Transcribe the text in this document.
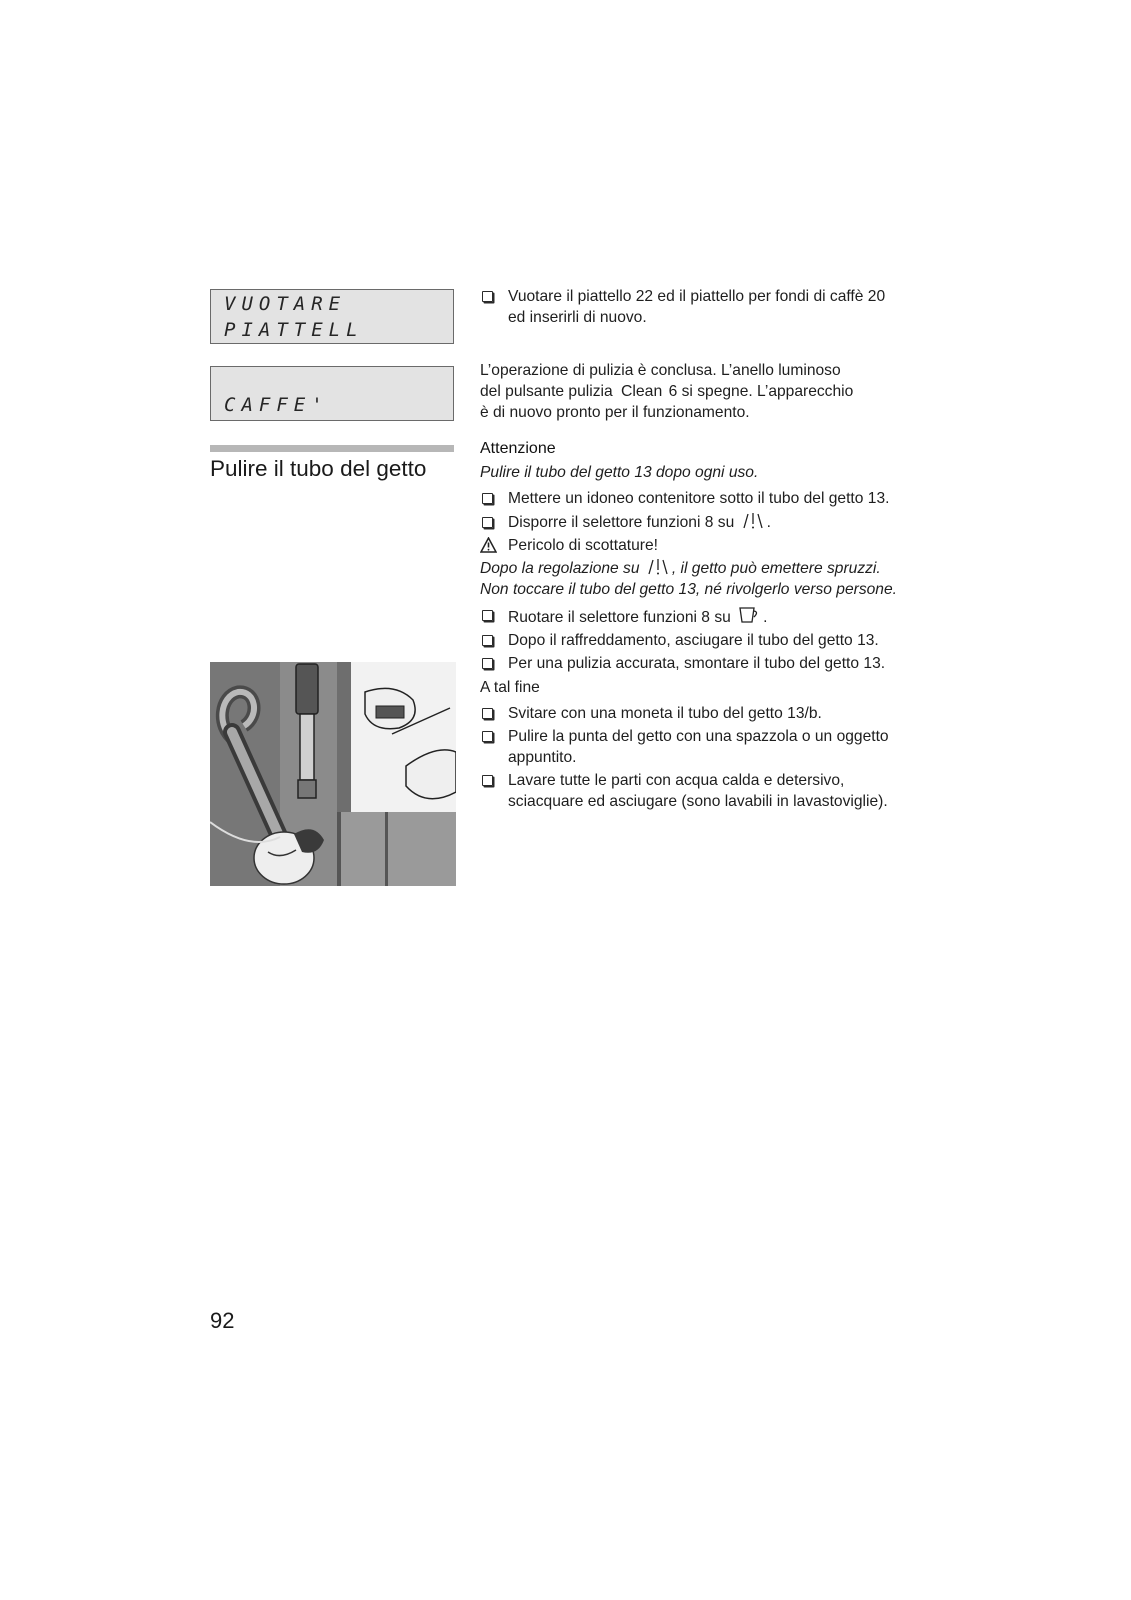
VUOTARE
PIATTELL
CAFFE'
Pulire il tubo del getto
Vuotare il piattello 22 ed il piattello per fondi di caffè 20
ed inserirli di nuovo.
L’operazione di pulizia è conclusa. L’anello luminoso
del pulsante pulizia Clean 6 si spegne. L’apparecchio
è di nuovo pronto per il funzionamento.
Attenzione
Pulire il tubo del getto 13 dopo ogni uso.
Mettere un idoneo contenitore sotto il tubo del getto 13.
Disporre il selettore funzioni 8 su .
Pericolo di scottature!
Dopo la regolazione su , il getto può emettere spruzzi.
Non toccare il tubo del getto 13, né rivolgerlo verso persone.
Ruotare il selettore funzioni 8 su .
Dopo il raffreddamento, asciugare il tubo del getto 13.
Per una pulizia accurata, smontare il tubo del getto 13.
A tal fine
Svitare con una moneta il tubo del getto 13/b.
Pulire la punta del getto con una spazzola o un oggetto
appuntito.
Lavare tutte le parti con acqua calda e detersivo,
sciacquare ed asciugare (sono lavabili in lavastoviglie).
92
